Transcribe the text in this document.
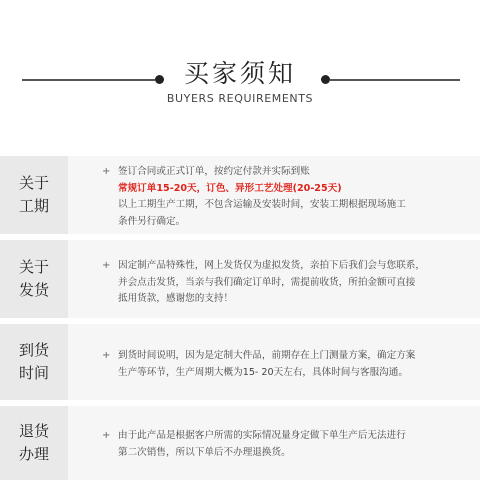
买家须知
BUYERS REQUIREMENTS
关于
工期
+ 签订合同或正式订单，按约定付款并实际到账
常规订单15-20天，订色、异形工艺处理(20-25天)
以上工期生产工期，不包含运输及安装时间，安装工期根据现场施工
条件另行确定。
关于
发货
+ 因定制产品特殊性，网上发货仅为虚拟发货，亲拍下后我们会与您联系，
并会点击发货，当亲与我们确定订单时，需提前收货，所拍金额可直接
抵用货款，感谢您的支持！
到货
时间
+ 到货时间说明，因为是定制大件品，前期存在上门测量方案，确定方案
生产等环节，生产周期大概为15- 20天左右，具体时间与客服沟通。
退货
办理
+ 由于此产品是根据客户所需的实际情况量身定做下单生产后无法进行
第二次销售，所以下单后不办理退换货。
